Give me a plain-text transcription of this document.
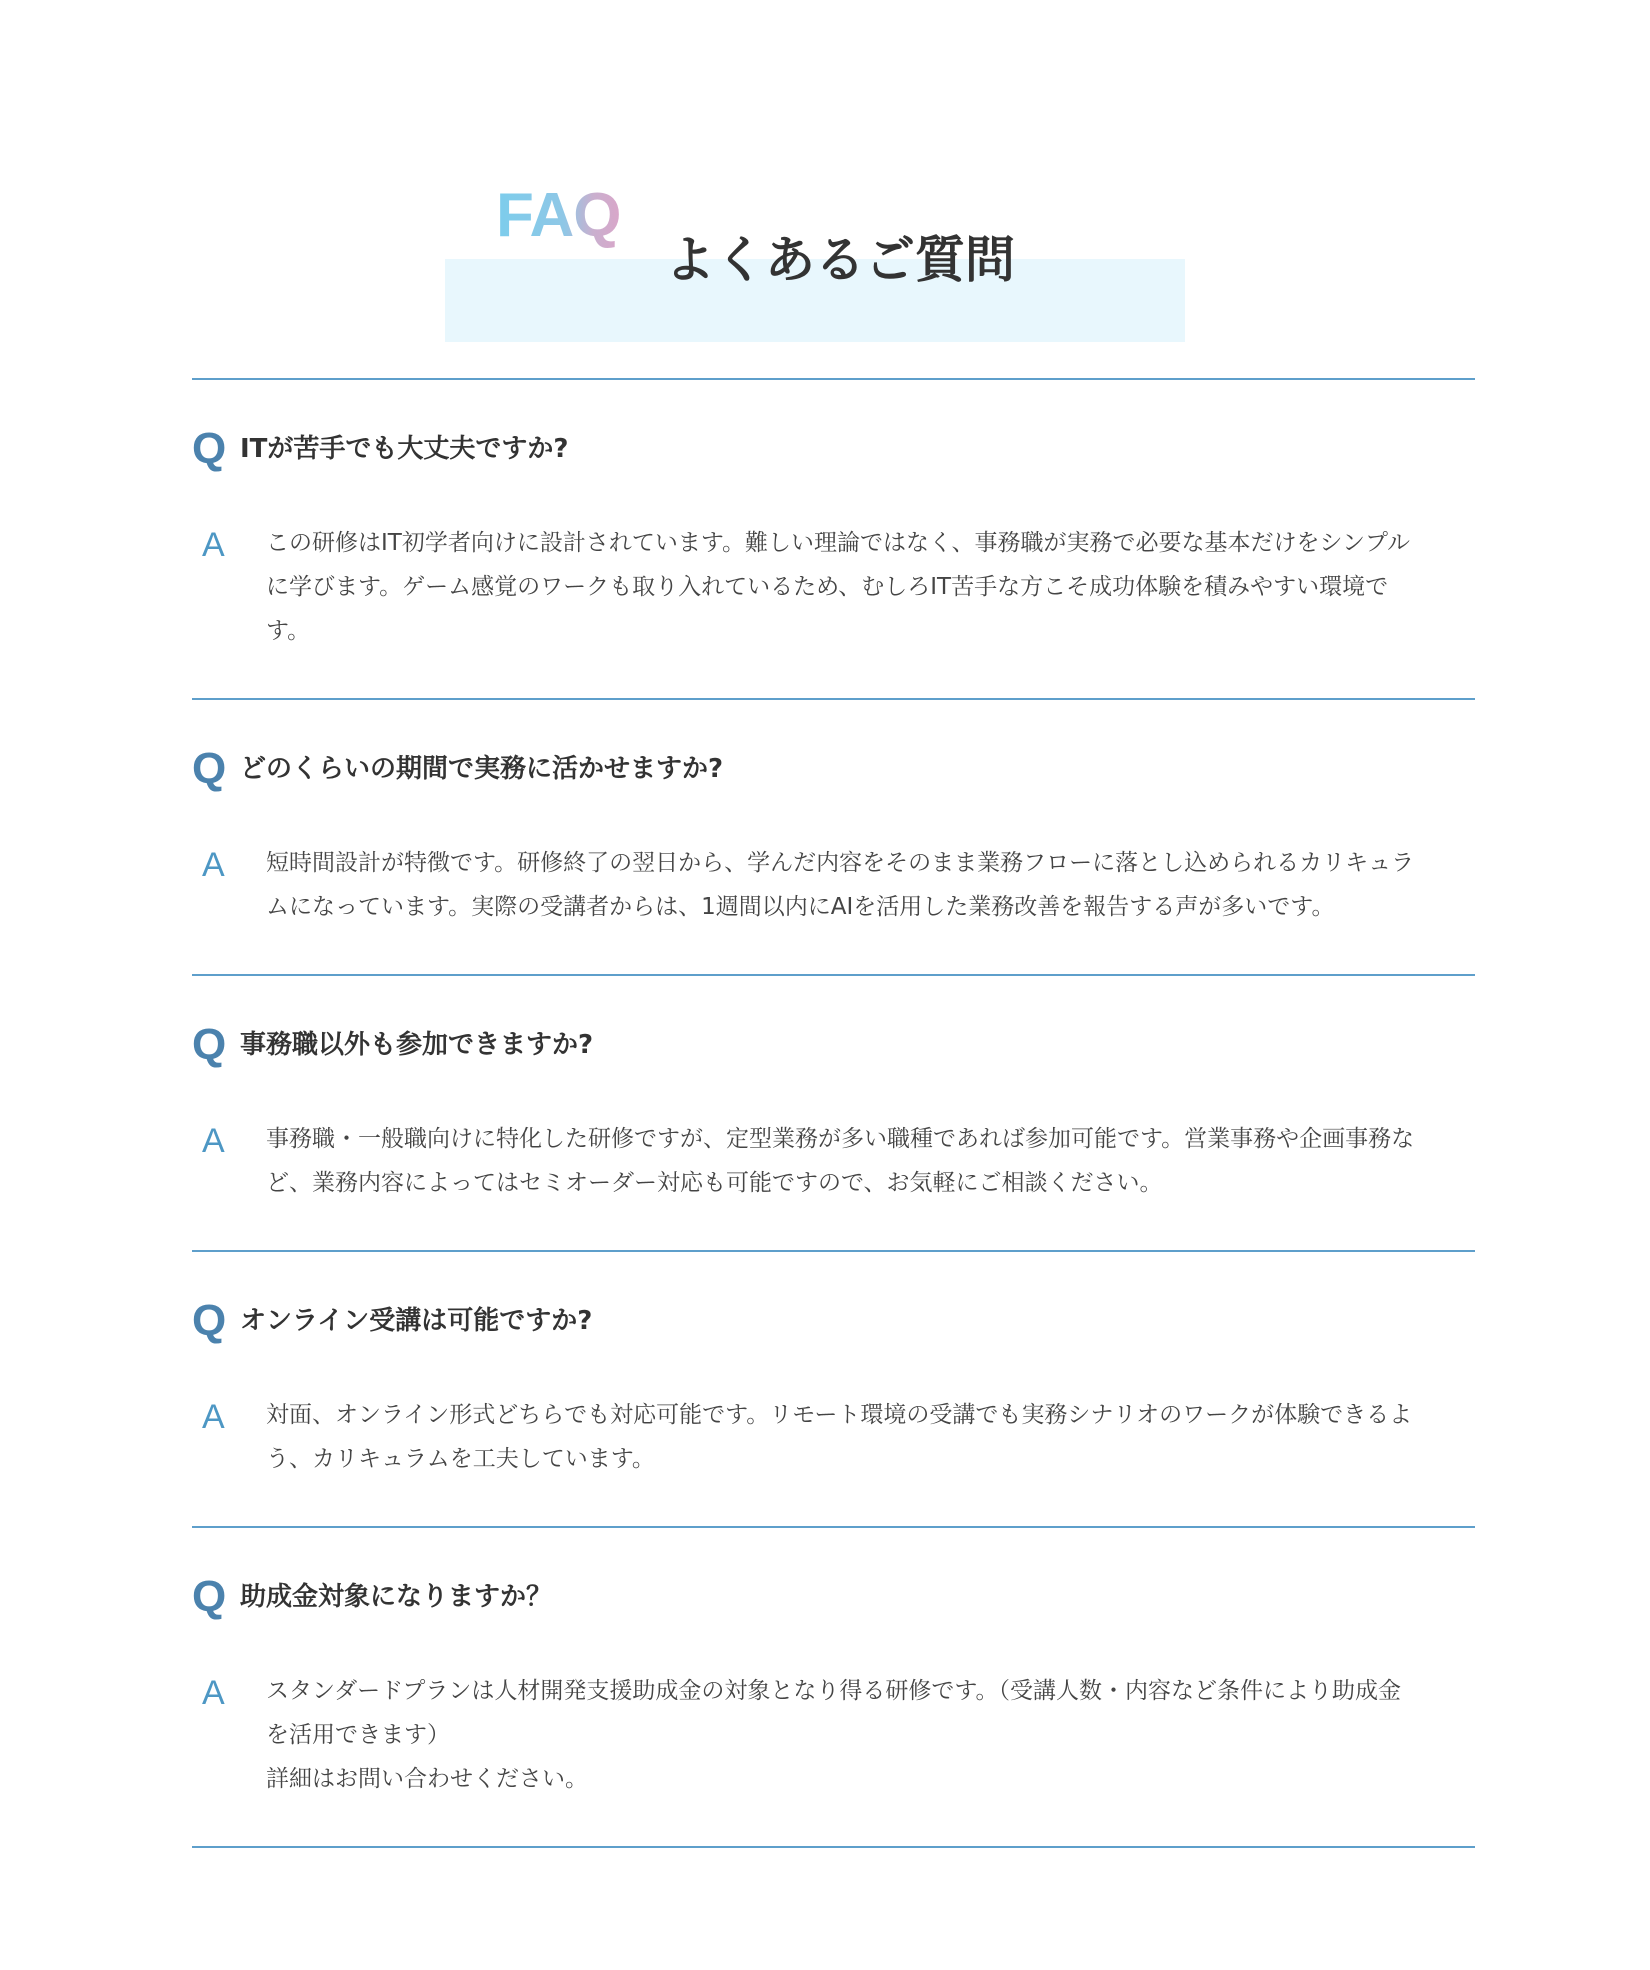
FAQ
よくあるご質問
Q ITが苦手でも大丈夫ですか?
A	この研修はIT初学者向けに設計されています。難しい理論ではなく、事務職が実務で必要な基本だけをシンプル
に学びます。ゲーム感覚のワークも取り入れているため、むしろIT苦手な方こそ成功体験を積みやすい環境で
す。
Q どのくらいの期間で実務に活かせますか?
A	短時間設計が特徴です。研修終了の翌日から、学んだ内容をそのまま業務フローに落とし込められるカリキュラ
ムになっています。実際の受講者からは、1週間以内にAIを活用した業務改善を報告する声が多いです。
Q 事務職以外も参加できますか?
A	事務職・一般職向けに特化した研修ですが、定型業務が多い職種であれば参加可能です。営業事務や企画事務な
ど、業務内容によってはセミオーダー対応も可能ですので、お気軽にご相談ください。
Q オンライン受講は可能ですか?
A	対面、オンライン形式どちらでも対応可能です。リモート環境の受講でも実務シナリオのワークが体験できるよ
う、カリキュラムを工夫しています。
Q 助成金対象になりますか？
A	スタンダードプランは人材開発支援助成金の対象となり得る研修です。（受講人数・内容など条件により助成金
を活用できます）
詳細はお問い合わせください。
